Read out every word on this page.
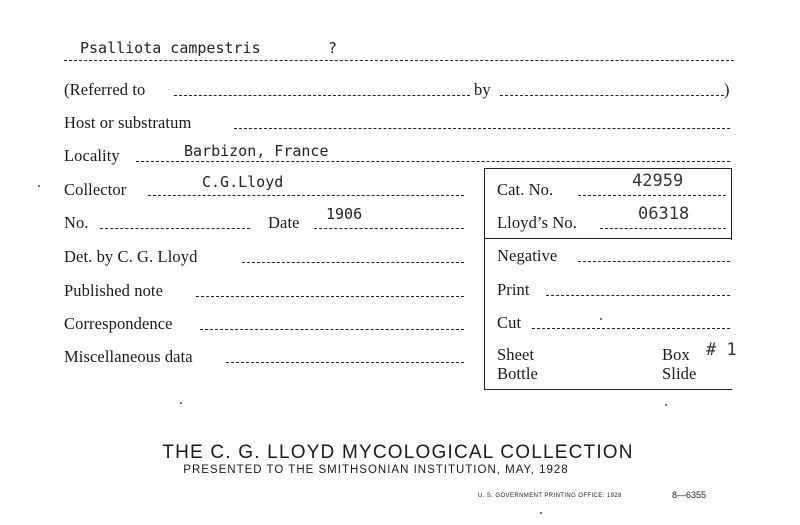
Psalliota campestris	?
(Referred to	by	)
Host or substratum
Locality	Barbizon, France
Cat. No.	42959
Lloyd’s No.	06318
Negative
Print
Cut
Sheet
Bottle
Box # 1
Slide
Collector	C.G.Lloyd
No.	Date 1906
Det. by C. G. Lloyd
Published note
Correspondence
Miscellaneous data
THE C. G. LLOYD MYCOLOGICAL COLLECTION
PRESENTED TO THE SMITHSONIAN INSTITUTION, MAY, 1928
U. S. GOVERNMENT PRINTING OFFICE: 1928	8—6355
